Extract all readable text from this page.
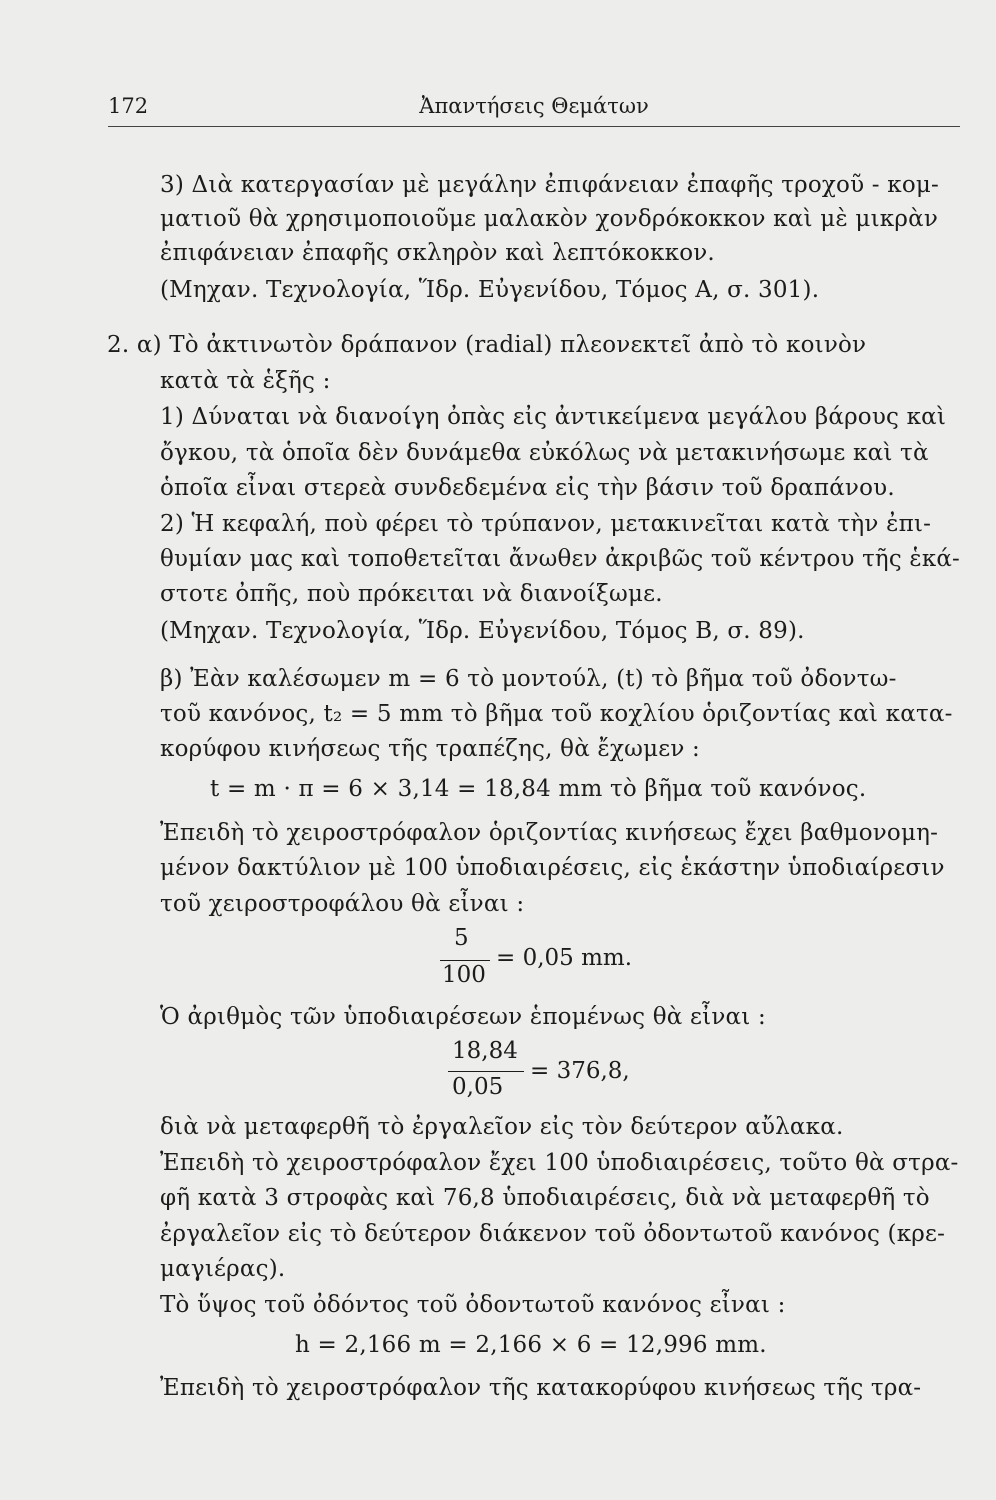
172	Ἀπαντήσεις Θεμάτων
3) Διὰ κατεργασίαν μὲ μεγάλην ἐπιφάνειαν ἐπαφῆς τροχοῦ - κομ-
ματιοῦ θὰ χρησιμοποιοῦμε μαλακὸν χονδρόκοκκον καὶ μὲ μικρὰν
ἐπιφάνειαν ἐπαφῆς σκληρὸν καὶ λεπτόκοκκον.
(Μηχαν. Τεχνολογία, Ἵδρ. Εὐγενίδου, Τόμος Α, σ. 301).
2. α) Τὸ ἀκτινωτὸν δράπανον (radial) πλεονεκτεῖ ἀπὸ τὸ κοινὸν
κατὰ τὰ ἑξῆς :
1) Δύναται νὰ διανοίγη ὀπὰς εἰς ἀντικείμενα μεγάλου βάρους καὶ
ὄγκου, τὰ ὁποῖα δὲν δυνάμεθα εὐκόλως νὰ μετακινήσωμε καὶ τὰ
ὁποῖα εἶναι στερεὰ συνδεδεμένα εἰς τὴν βάσιν τοῦ δραπάνου.
2) Ἡ κεφαλή, ποὺ φέρει τὸ τρύπανον, μετακινεῖται κατὰ τὴν ἐπι-
θυμίαν μας καὶ τοποθετεῖται ἄνωθεν ἀκριβῶς τοῦ κέντρου τῆς ἑκά-
στοτε ὀπῆς, ποὺ πρόκειται νὰ διανοίξωμε.
(Μηχαν. Τεχνολογία, Ἵδρ. Εὐγενίδου, Τόμος Β, σ. 89).
β) Ἐὰν καλέσωμεν m = 6 τὸ μοντούλ, (t) τὸ βῆμα τοῦ ὀδοντω-
τοῦ κανόνος, t₂ = 5 mm τὸ βῆμα τοῦ κοχλίου ὁριζοντίας καὶ κατα-
κορύφου κινήσεως τῆς τραπέζης, θὰ ἔχωμεν :
t = m · π = 6 × 3,14 = 18,84 mm τὸ βῆμα τοῦ κανόνος.
Ἐπειδὴ τὸ χειροστρόφαλον ὁριζοντίας κινήσεως ἔχει βαθμονομη-
μένον δακτύλιον μὲ 100 ὑποδιαιρέσεις, εἰς ἑκάστην ὑποδιαίρεσιν
τοῦ χειροστροφάλου θὰ εἶναι :
5
100
= 0,05 mm.
Ὁ ἀριθμὸς τῶν ὑποδιαιρέσεων ἑπομένως θὰ εἶναι :
18,84
0,05
= 376,8,
διὰ νὰ μεταφερθῆ τὸ ἐργαλεῖον εἰς τὸν δεύτερον αὔλακα.
Ἐπειδὴ τὸ χειροστρόφαλον ἔχει 100 ὑποδιαιρέσεις, τοῦτο θὰ στρα-
φῆ κατὰ 3 στροφὰς καὶ 76,8 ὑποδιαιρέσεις, διὰ νὰ μεταφερθῆ τὸ
ἐργαλεῖον εἰς τὸ δεύτερον διάκενον τοῦ ὀδοντωτοῦ κανόνος (κρε-
μαγιέρας).
Τὸ ὕψος τοῦ ὀδόντος τοῦ ὀδοντωτοῦ κανόνος εἶναι :
h = 2,166 m = 2,166 × 6 = 12,996 mm.
Ἐπειδὴ τὸ χειροστρόφαλον τῆς κατακορύφου κινήσεως τῆς τρα-
